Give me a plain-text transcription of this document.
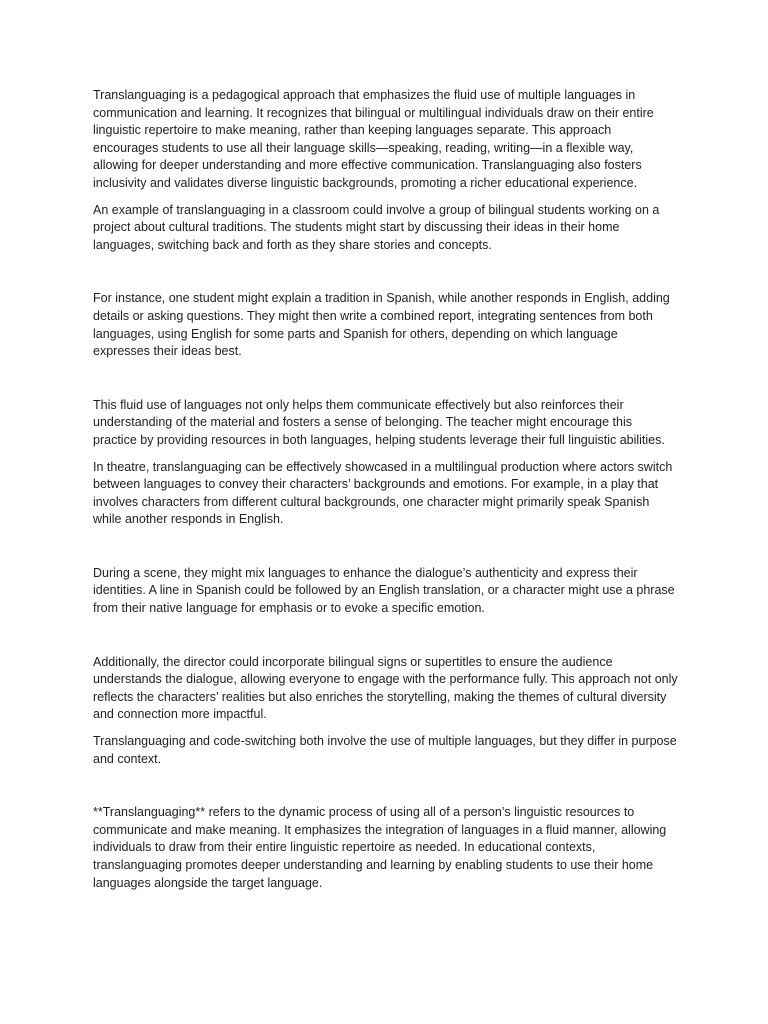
Translanguaging is a pedagogical approach that emphasizes the fluid use of multiple languages in communication and learning. It recognizes that bilingual or multilingual individuals draw on their entire linguistic repertoire to make meaning, rather than keeping languages separate. This approach encourages students to use all their language skills—speaking, reading, writing—in a flexible way, allowing for deeper understanding and more effective communication. Translanguaging also fosters inclusivity and validates diverse linguistic backgrounds, promoting a richer educational experience.

An example of translanguaging in a classroom could involve a group of bilingual students working on a project about cultural traditions. The students might start by discussing their ideas in their home languages, switching back and forth as they share stories and concepts.

For instance, one student might explain a tradition in Spanish, while another responds in English, adding details or asking questions. They might then write a combined report, integrating sentences from both languages, using English for some parts and Spanish for others, depending on which language expresses their ideas best.

This fluid use of languages not only helps them communicate effectively but also reinforces their understanding of the material and fosters a sense of belonging. The teacher might encourage this practice by providing resources in both languages, helping students leverage their full linguistic abilities.

In theatre, translanguaging can be effectively showcased in a multilingual production where actors switch between languages to convey their characters’ backgrounds and emotions. For example, in a play that involves characters from different cultural backgrounds, one character might primarily speak Spanish while another responds in English.

During a scene, they might mix languages to enhance the dialogue’s authenticity and express their identities. A line in Spanish could be followed by an English translation, or a character might use a phrase from their native language for emphasis or to evoke a specific emotion.

Additionally, the director could incorporate bilingual signs or supertitles to ensure the audience understands the dialogue, allowing everyone to engage with the performance fully. This approach not only reflects the characters’ realities but also enriches the storytelling, making the themes of cultural diversity and connection more impactful.

Translanguaging and code-switching both involve the use of multiple languages, but they differ in purpose and context.

**Translanguaging** refers to the dynamic process of using all of a person’s linguistic resources to communicate and make meaning. It emphasizes the integration of languages in a fluid manner, allowing individuals to draw from their entire linguistic repertoire as needed. In educational contexts, translanguaging promotes deeper understanding and learning by enabling students to use their home languages alongside the target language.
